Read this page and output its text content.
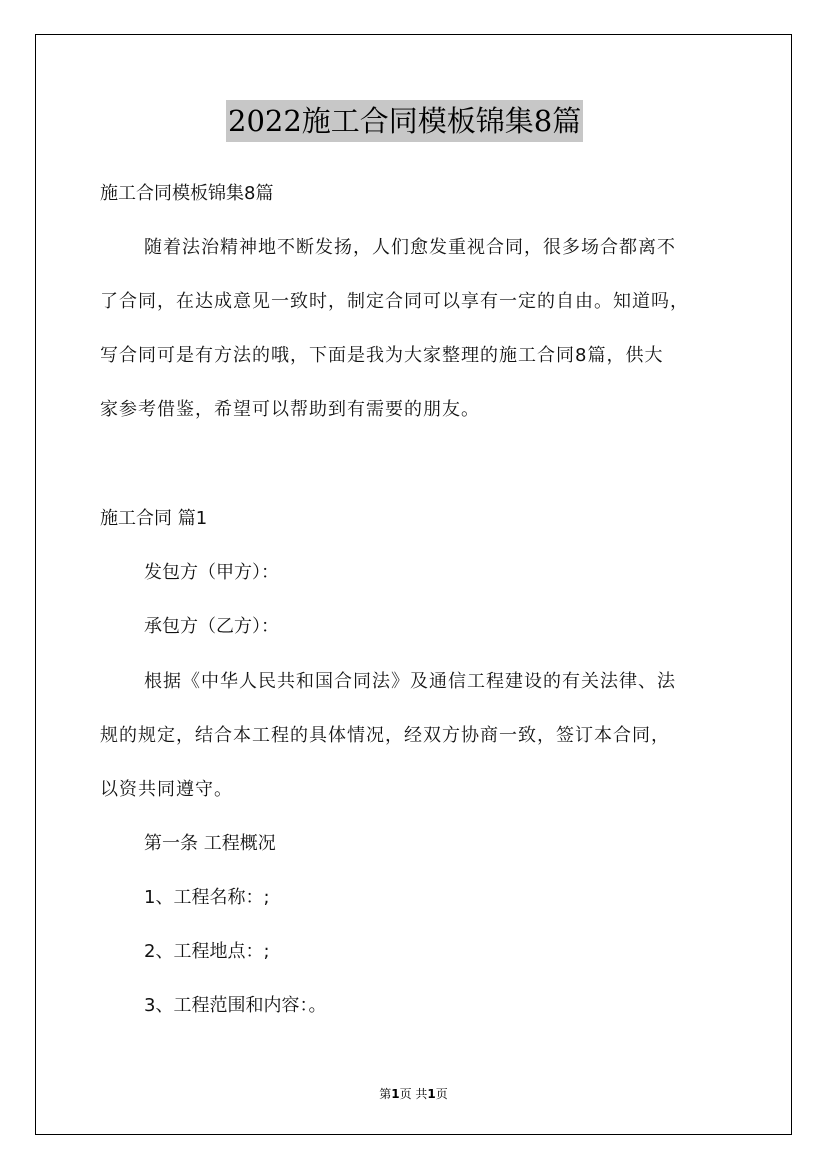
2022施工合同模板锦集8篇
施工合同模板锦集8篇
随着法治精神地不断发扬，人们愈发重视合同，很多场合都离不
了合同，在达成意见一致时，制定合同可以享有一定的自由。知道吗，
写合同可是有方法的哦，下面是我为大家整理的施工合同8篇，供大
家参考借鉴，希望可以帮助到有需要的朋友。
施工合同 篇1
发包方（甲方）：
承包方（乙方）：
根据《中华人民共和国合同法》及通信工程建设的有关法律、法
规的规定，结合本工程的具体情况，经双方协商一致，签订本合同，
以资共同遵守。
第一条 工程概况
1、工程名称：;
2、工程地点：;
3、工程范围和内容：。
第1页 共1页
